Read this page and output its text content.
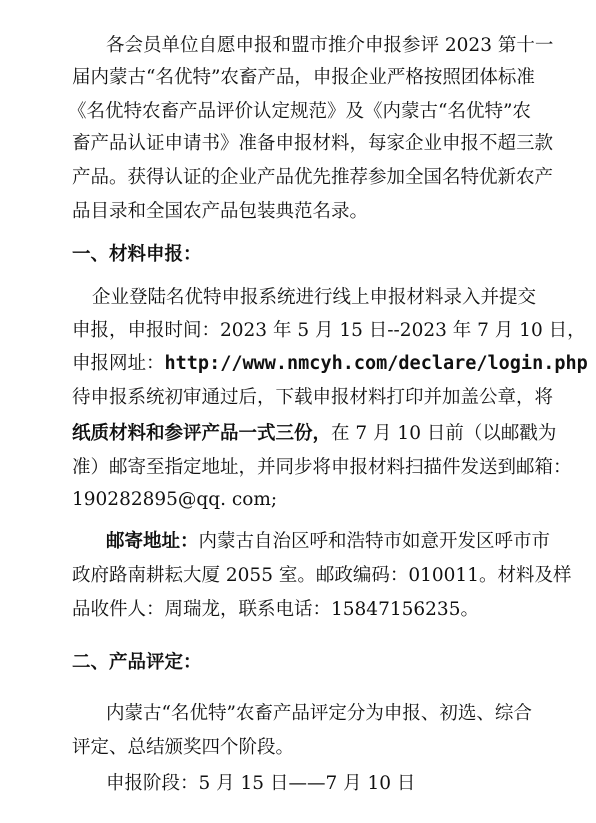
各会员单位自愿申报和盟市推介申报参评 2023 第十一
届内蒙古“名优特”农畜产品，申报企业严格按照团体标准
《名优特农畜产品评价认定规范》及《内蒙古“名优特”农
畜产品认证申请书》准备申报材料，每家企业申报不超三款
产品。获得认证的企业产品优先推荐参加全国名特优新农产
品目录和全国农产品包装典范名录。
一、材料申报：
企业登陆名优特申报系统进行线上申报材料录入并提交
申报，申报时间：2023 年 5 月 15 日--2023 年 7 月 10 日，
申报网址：http://www.nmcyh.com/declare/login.php
待申报系统初审通过后，下载申报材料打印并加盖公章，将
纸质材料和参评产品一式三份，在 7 月 10 日前（以邮戳为
准）邮寄至指定地址，并同步将申报材料扫描件发送到邮箱：
190282895@qq. com;
邮寄地址：内蒙古自治区呼和浩特市如意开发区呼市市
政府路南耕耘大厦 2055 室。邮政编码：010011。材料及样
品收件人：周瑞龙，联系电话：15847156235。
二、产品评定：
内蒙古“名优特”农畜产品评定分为申报、初选、综合
评定、总结颁奖四个阶段。
申报阶段：5 月 15 日——7 月 10 日
